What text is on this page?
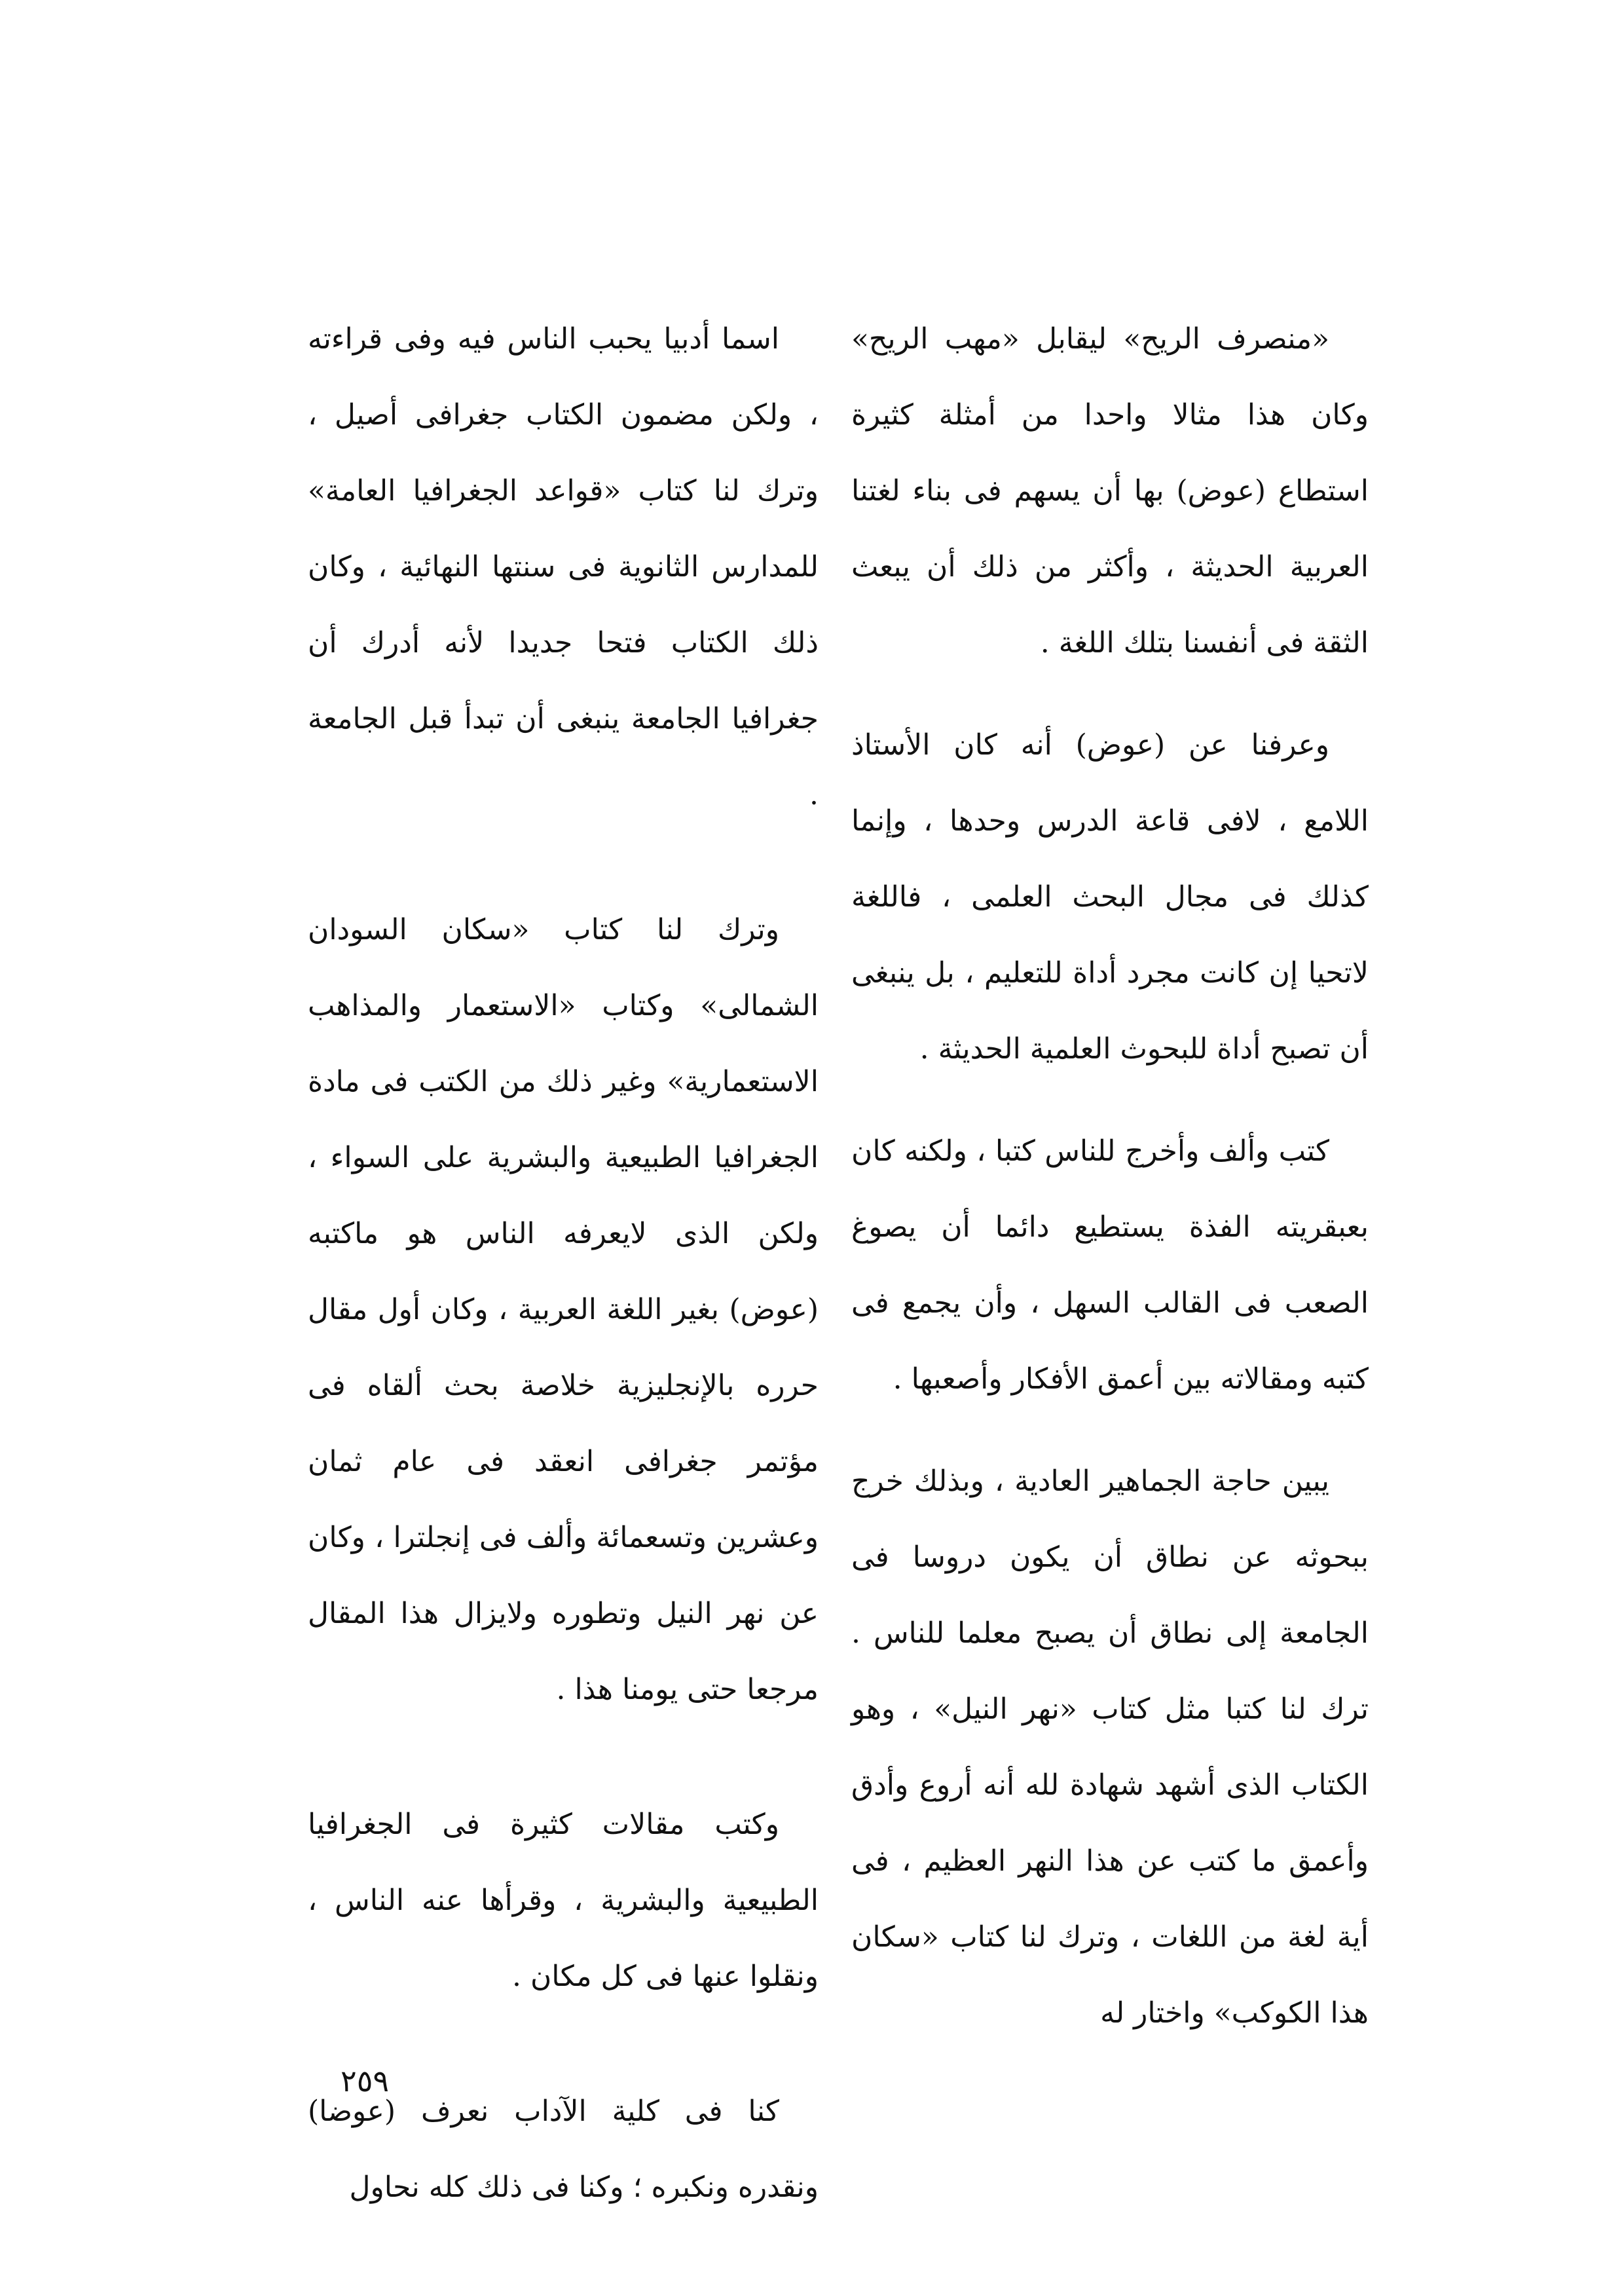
«منصرف الريح» ليقابل «مهب الريح» وكان هذا مثالا واحدا من أمثلة كثيرة استطاع (عوض) بها أن يسهم فى بناء لغتنا العربية الحديثة ، وأكثر من ذلك أن يبعث الثقة فى أنفسنا بتلك اللغة .

وعرفنا عن (عوض) أنه كان الأستاذ اللامع ، لافى قاعة الدرس وحدها ، وإنما كذلك فى مجال البحث العلمى ، فاللغة لاتحيا إن كانت مجرد أداة للتعليم ، بل ينبغى أن تصبح أداة للبحوث العلمية الحديثة .

كتب وألف وأخرج للناس كتبا ، ولكنه كان بعبقريته الفذة يستطيع دائما أن يصوغ الصعب فى القالب السهل ، وأن يجمع فى كتبه ومقالاته بين أعمق الأفكار وأصعبها .

يبين حاجة الجماهير العادية ، وبذلك خرج ببحوثه عن نطاق أن يكون دروسا فى الجامعة إلى نطاق أن يصبح معلما للناس . ترك لنا كتبا مثل كتاب «نهر النيل» ، وهو الكتاب الذى أشهد شهادة لله أنه أروع وأدق وأعمق ما كتب عن هذا النهر العظيم ، فى أية لغة من اللغات ، وترك لنا كتاب «سكان هذا الكوكب» واختار له

اسما أدبيا يحبب الناس فيه وفى قراءته ، ولكن مضمون الكتاب جغرافى أصيل ، وترك لنا كتاب «قواعد الجغرافيا العامة» للمدارس الثانوية فى سنتها النهائية ، وكان ذلك الكتاب فتحا جديدا لأنه أدرك أن جغرافيا الجامعة ينبغى أن تبدأ قبل الجامعة .

وترك لنا كتاب «سكان السودان الشمالى» وكتاب «الاستعمار والمذاهب الاستعمارية» وغير ذلك من الكتب فى مادة الجغرافيا الطبيعية والبشرية على السواء ، ولكن الذى لايعرفه الناس هو ماكتبه (عوض) بغير اللغة العربية ، وكان أول مقال حرره بالإنجليزية خلاصة بحث ألقاه فى مؤتمر جغرافى انعقد فى عام ثمان وعشرين وتسعمائة وألف فى إنجلترا ، وكان عن نهر النيل وتطوره ولايزال هذا المقال مرجعا حتى يومنا هذا .

وكتب مقالات كثيرة فى الجغرافيا الطبيعية والبشرية ، وقرأها عنه الناس ، ونقلوا عنها فى كل مكان .

كنا فى كلية الآداب نعرف (عوضا) ونقدره ونكبره ؛ وكنا فى ذلك كله نحاول

٢٥٩
